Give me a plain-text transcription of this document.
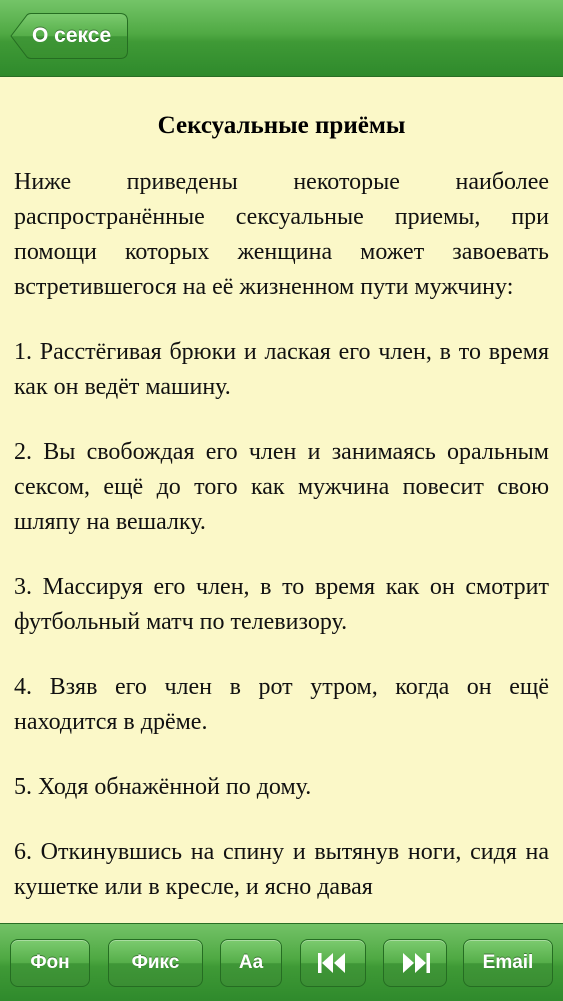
О сексе
Сексуальные приёмы

Ниже приведены некоторые наиболее распространённые сексуальные приемы, при помощи которых женщина может завоевать встретившегося на её жизненном пути мужчину:

1. Расстёгивая брюки и лаская его член, в то время как он ведёт машину.

2. Вы свобождая его член и занимаясь оральным сексом, ещё до того как мужчина повесит свою шляпу на вешалку.

3. Массируя его член, в то время как он смотрит футбольный матч по телевизору.

4. Взяв его член в рот утром, когда он ещё находится в дрёме.

5. Ходя обнажённой по дому.

6. Откинувшись на спину и вытянув ноги, сидя на кушетке или в кресле, и ясно давая

Фон	Фикс	Aa	Email
